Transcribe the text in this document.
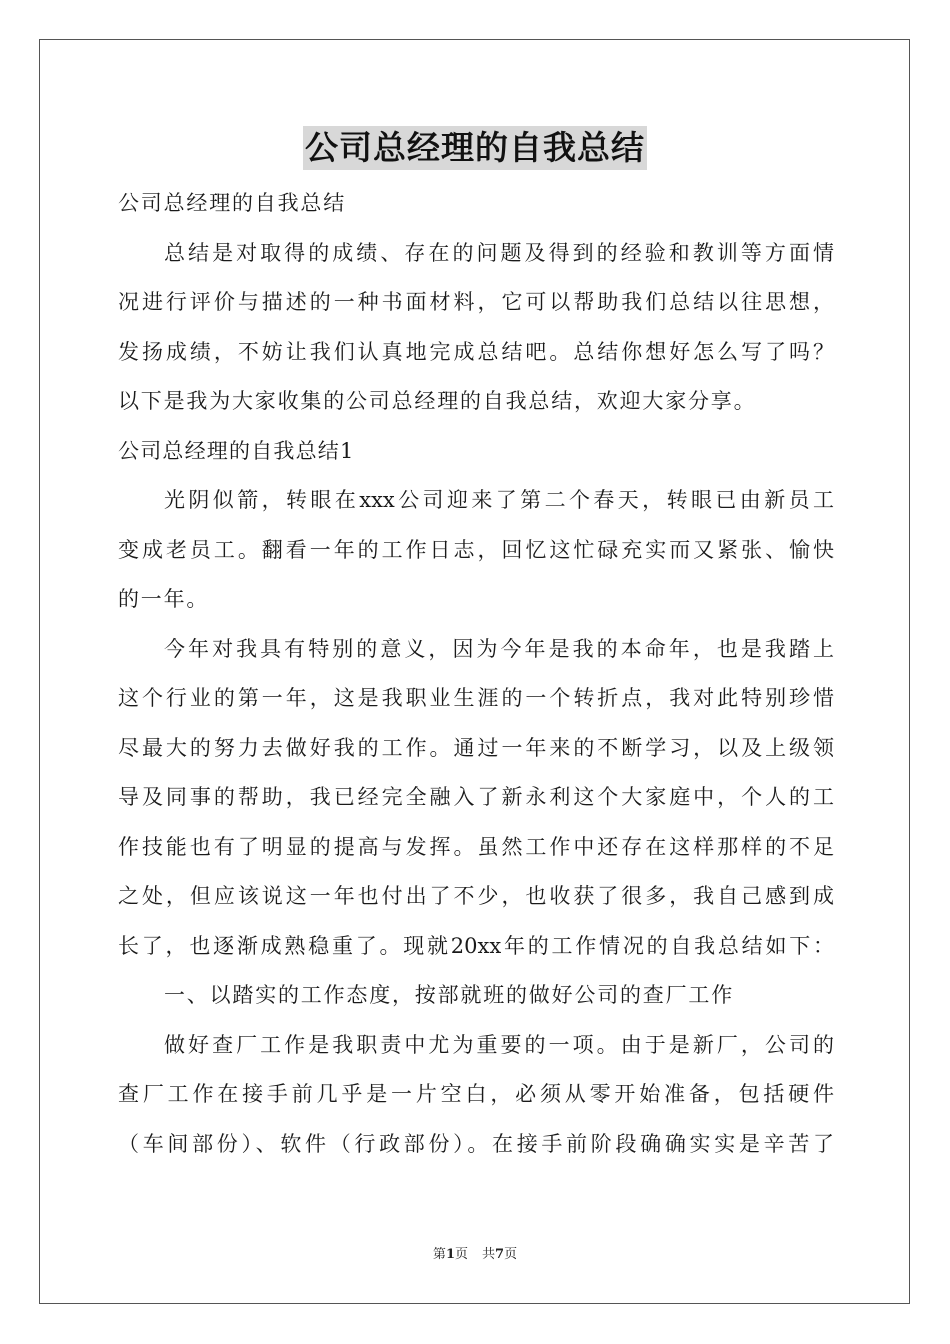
公司总经理的自我总结
公司总经理的自我总结
总结是对取得的成绩、存在的问题及得到的经验和教训等方面情
况进行评价与描述的一种书面材料，它可以帮助我们总结以往思想，
发扬成绩，不妨让我们认真地完成总结吧。总结你想好怎么写了吗？
以下是我为大家收集的公司总经理的自我总结，欢迎大家分享。
公司总经理的自我总结1
光阴似箭，转眼在xxx公司迎来了第二个春天，转眼已由新员工
变成老员工。翻看一年的工作日志，回忆这忙碌充实而又紧张、愉快
的一年。
今年对我具有特别的意义，因为今年是我的本命年，也是我踏上
这个行业的第一年，这是我职业生涯的一个转折点，我对此特别珍惜
尽最大的努力去做好我的工作。通过一年来的不断学习，以及上级领
导及同事的帮助，我已经完全融入了新永利这个大家庭中，个人的工
作技能也有了明显的提高与发挥。虽然工作中还存在这样那样的不足
之处，但应该说这一年也付出了不少，也收获了很多，我自己感到成
长了，也逐渐成熟稳重了。现就20xx年的工作情况的自我总结如下：
一、以踏实的工作态度，按部就班的做好公司的查厂工作
做好查厂工作是我职责中尤为重要的一项。由于是新厂，公司的
查厂工作在接手前几乎是一片空白，必须从零开始准备，包括硬件
（车间部份）、软件（行政部份）。在接手前阶段确确实实是辛苦了
第1页 共7页
